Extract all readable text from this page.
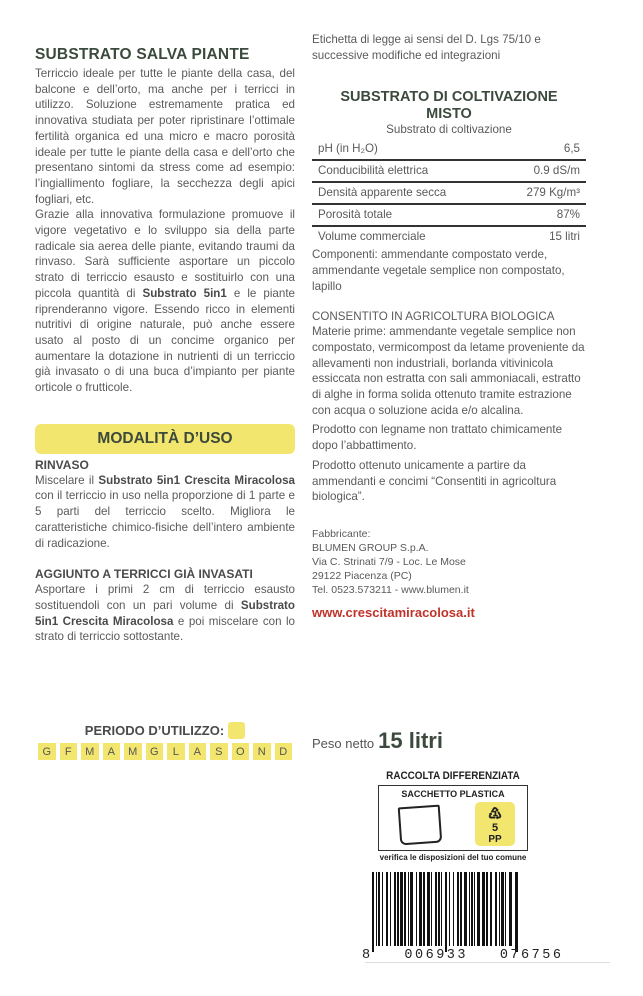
SUBSTRATO SALVA PIANTE

Terriccio ideale per tutte le piante della casa, del balcone e dell’orto, ma anche per i terricci in utilizzo. Soluzione estremamente pratica ed innovativa studiata per poter ripristinare l’ottimale fertilità organica ed una micro e macro porosità ideale per tutte le piante della casa e dell’orto che presentano sintomi da stress come ad esempio: l’ingiallimento fogliare, la secchezza degli apici fogliari, etc.

Grazie alla innovativa formulazione promuove il vigore vegetativo e lo sviluppo sia della parte radicale sia aerea delle piante, evitando traumi da rinvaso. Sarà sufficiente asportare un piccolo strato di terriccio esausto e sostituirlo con una piccola quantità di Substrato 5in1 e le piante riprenderanno vigore. Essendo ricco in elementi nutritivi di origine naturale, può anche essere usato al posto di un concime organico per aumentare la dotazione in nutrienti di un terriccio già invasato o di una buca d’impianto per piante orticole o frutticole.

MODALITÀ D’USO
RINVASO

Miscelare il Substrato 5in1 Crescita Miracolosa con il terriccio in uso nella proporzione di 1 parte e 5 parti del terriccio scelto. Migliora le caratteristiche chimico-fisiche dell’intero ambiente di radicazione.

AGGIUNTO A TERRICCI GIÀ INVASATI

Asportare i primi 2 cm di terriccio esausto sostituendoli con un pari volume di Substrato 5in1 Crescita Miracolosa e poi miscelare con lo strato di terriccio sottostante.

PERIODO D’UTILIZZO:
G	F	M	A	M	G	L	A	S	O	N	D

Etichetta di legge ai sensi del D. Lgs 75/10 e successive modifiche ed integrazioni

SUBSTRATO DI COLTIVAZIONE
MISTO
Substrato di coltivazione
pH (in H₂O)	6,5
Conducibilità elettrica	0.9 dS/m
Densità apparente secca	279 Kg/m³
Porosità totale	87%
Volume commerciale	15 litri

Componenti: ammendante compostato verde, ammendante vegetale semplice non compostato, lapillo

CONSENTITO IN AGRICOLTURA BIOLOGICA

Materie prime: ammendante vegetale semplice non compostato, vermicompost da letame proveniente da allevamenti non industriali, borlanda vitivinicola essiccata non estratta con sali ammoniacali, estratto di alghe in forma solida ottenuto tramite estrazione con acqua o soluzione acida e/o alcalina.

Prodotto con legname non trattato chimicamente dopo l’abbattimento.

Prodotto ottenuto unicamente a partire da ammendanti e concimi “Consentiti in agricoltura biologica”.

Fabbricante:
BLUMEN GROUP S.p.A.
Via C. Strinati 7/9 - Loc. Le Mose
29122 Piacenza (PC)
Tel. 0523.573211 - www.blumen.it
www.crescitamiracolosa.it
Peso netto 15 litri
RACCOLTA DIFFERENZIATA
SACCHETTO PLASTICA
♳
5
PP
verifica le disposizioni del tuo comune
8   006933   076756
